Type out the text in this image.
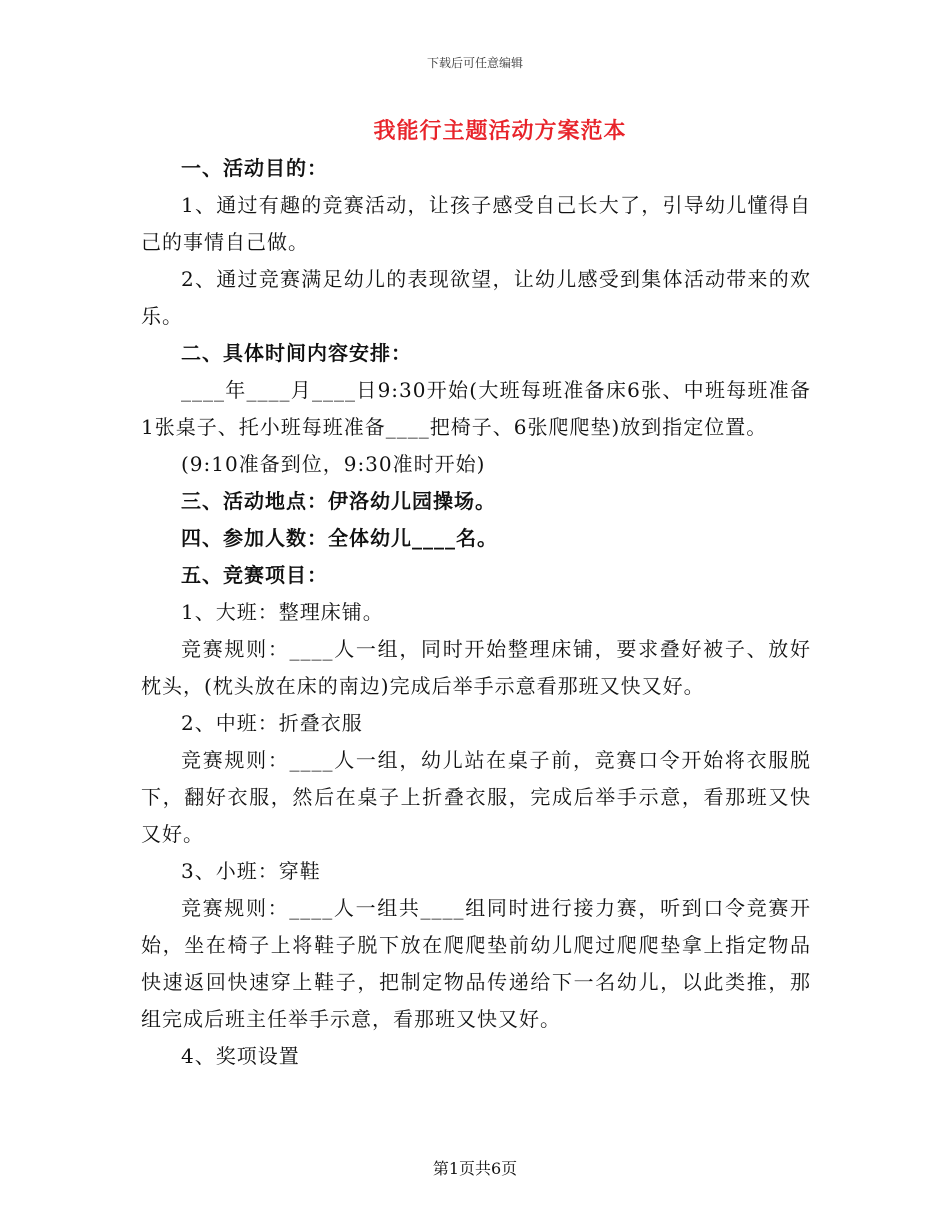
下载后可任意编辑
我能行主题活动方案范本

一、活动目的：

1、通过有趣的竞赛活动，让孩子感受自己长大了，引导幼儿懂得自己的事情自己做。

2、通过竞赛满足幼儿的表现欲望，让幼儿感受到集体活动带来的欢乐。

二、具体时间内容安排：

____年____月____日9:30开始(大班每班准备床6张、中班每班准备1张桌子、托小班每班准备____把椅子、6张爬爬垫)放到指定位置。

(9:10准备到位，9:30准时开始)

三、活动地点：伊洛幼儿园操场。

四、参加人数：全体幼儿____名。

五、竞赛项目：

1、大班：整理床铺。

竞赛规则：____人一组，同时开始整理床铺，要求叠好被子、放好枕头，(枕头放在床的南边)完成后举手示意看那班又快又好。

2、中班：折叠衣服

竞赛规则：____人一组，幼儿站在桌子前，竞赛口令开始将衣服脱下，翻好衣服，然后在桌子上折叠衣服，完成后举手示意，看那班又快又好。

3、小班：穿鞋

竞赛规则：____人一组共____组同时进行接力赛，听到口令竞赛开始，坐在椅子上将鞋子脱下放在爬爬垫前幼儿爬过爬爬垫拿上指定物品快速返回快速穿上鞋子，把制定物品传递给下一名幼儿，以此类推，那组完成后班主任举手示意，看那班又快又好。

4、奖项设置

第1页共6页
